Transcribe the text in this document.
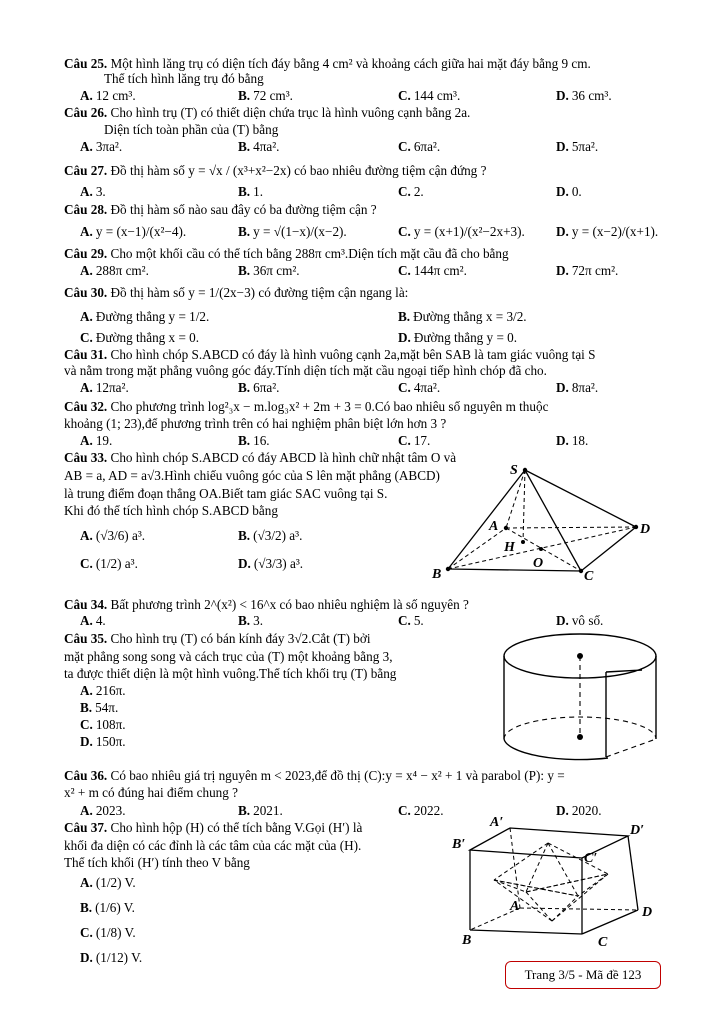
Câu 25. Một hình lăng trụ có diện tích đáy bằng 4 cm² và khoảng cách giữa hai mặt đáy bằng 9 cm.
Thể tích hình lăng trụ đó bằng
A. 12 cm³.	B. 72 cm³.	C. 144 cm³.	D. 36 cm³.
Câu 26. Cho hình trụ (T) có thiết diện chứa trục là hình vuông cạnh bằng 2a.
Diện tích toàn phần của (T) bằng
A. 3πa².	B. 4πa².	C. 6πa².	D. 5πa².
Câu 27. Đồ thị hàm số y = √x / (x³+x²−2x) có bao nhiêu đường tiệm cận đứng ?
A. 3.	B. 1.	C. 2.	D. 0.
Câu 28. Đồ thị hàm số nào sau đây có ba đường tiệm cận ?
A. y = (x−1)/(x²−4).	B. y = √(1−x)/(x−2).	C. y = (x+1)/(x²−2x+3). D. y = (x−2)/(x+1).
Câu 29. Cho một khối cầu có thể tích bằng 288π cm³.Diện tích mặt cầu đã cho bằng
A. 288π cm².	B. 36π cm².	C. 144π cm².	D. 72π cm².
Câu 30. Đồ thị hàm số y = 1/(2x−3) có đường tiệm cận ngang là:
A. Đường thẳng y = 1/2.	B. Đường thẳng x = 3/2.
C. Đường thẳng x = 0.	D. Đường thẳng y = 0.
Câu 31. Cho hình chóp S.ABCD có đáy là hình vuông cạnh 2a,mặt bên SAB là tam giác vuông tại S
và nằm trong mặt phẳng vuông góc đáy.Tính diện tích mặt cầu ngoại tiếp hình chóp đã cho.
A. 12πa².	B. 6πa².	C. 4πa².	D. 8πa².
Câu 32. Cho phương trình log²₃x − m.log₃x² + 2m + 3 = 0.Có bao nhiêu số nguyên m thuộc
khoảng (1; 23),để phương trình trên có hai nghiệm phân biệt lớn hơn 3 ?
A. 19.	B. 16.	C. 17.	D. 18.
Câu 33. Cho hình chóp S.ABCD có đáy ABCD là hình chữ nhật tâm O và
AB = a, AD = a√3.Hình chiếu vuông góc của S lên mặt phẳng (ABCD)
là trung điểm đoạn thẳng OA.Biết tam giác SAC vuông tại S.
Khi đó thể tích hình chóp S.ABCD bằng
A. (√3/6) a³.	B. (√3/2) a³.
C. (1/2) a³.	D. (√3/3) a³.
S
A	D
H
O
B	C
Câu 34. Bất phương trình 2^(x²) < 16^x có bao nhiêu nghiệm là số nguyên ?
A. 4.	B. 3.	C. 5.	D. vô số.
Câu 35. Cho hình trụ (T) có bán kính đáy 3√2.Cắt (T) bởi
mặt phẳng song song và cách trục của (T) một khoảng bằng 3,
ta được thiết diện là một hình vuông.Thể tích khối trụ (T) bằng
A. 216π.
B. 54π.
C. 108π.
D. 150π.
Câu 36. Có bao nhiêu giá trị nguyên m < 2023,để đồ thị (C):y = x⁴ − x² + 1 và parabol (P): y =
x² + m có đúng hai điểm chung ?
A. 2023.	B. 2021.	C. 2022.	D. 2020.
Câu 37. Cho hình hộp (H) có thể tích bằng V.Gọi (H′) là
khối đa diện có các đỉnh là các tâm của các mặt của (H).
Thể tích khối (H′) tính theo V bằng
A. (1/2) V.
B. (1/6) V.
C. (1/8) V.
D. (1/12) V.
A′
D′
B′
C′
A	D
B	C
Trang 3/5 - Mã đề 123
